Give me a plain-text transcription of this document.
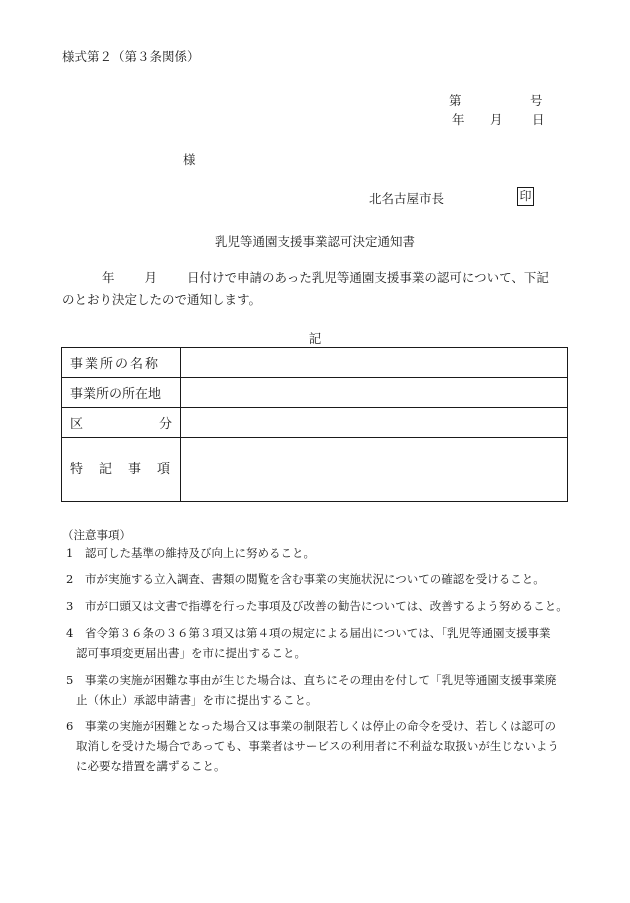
様式第２（第３条関係）
第	号
年 月 日
様
北名古屋市長	印
乳児等通園支援事業認可決定通知書
年 月 日付けで申請のあった乳児等通園支援事業の認可について、下記
のとおり決定したので通知します。
記
事業所の名称	
事業所の所在地	

区 分	

特 記 事 項	

（注意事項）
1	認可した基準の維持及び向上に努めること。
2	市が実施する立入調査、書類の閲覧を含む事業の実施状況についての確認を受けること。
3	市が口頭又は文書で指導を行った事項及び改善の勧告については、改善するよう努めること。
4	省令第３６条の３６第３項又は第４項の規定による届出については、「乳児等通園支援事業
認可事項変更届出書」を市に提出すること。
5	事業の実施が困難な事由が生じた場合は、直ちにその理由を付して「乳児等通園支援事業廃
止（休止）承認申請書」を市に提出すること。
6	事業の実施が困難となった場合又は事業の制限若しくは停止の命令を受け、若しくは認可の
取消しを受けた場合であっても、事業者はサービスの利用者に不利益な取扱いが生じないよう
に必要な措置を講ずること。
